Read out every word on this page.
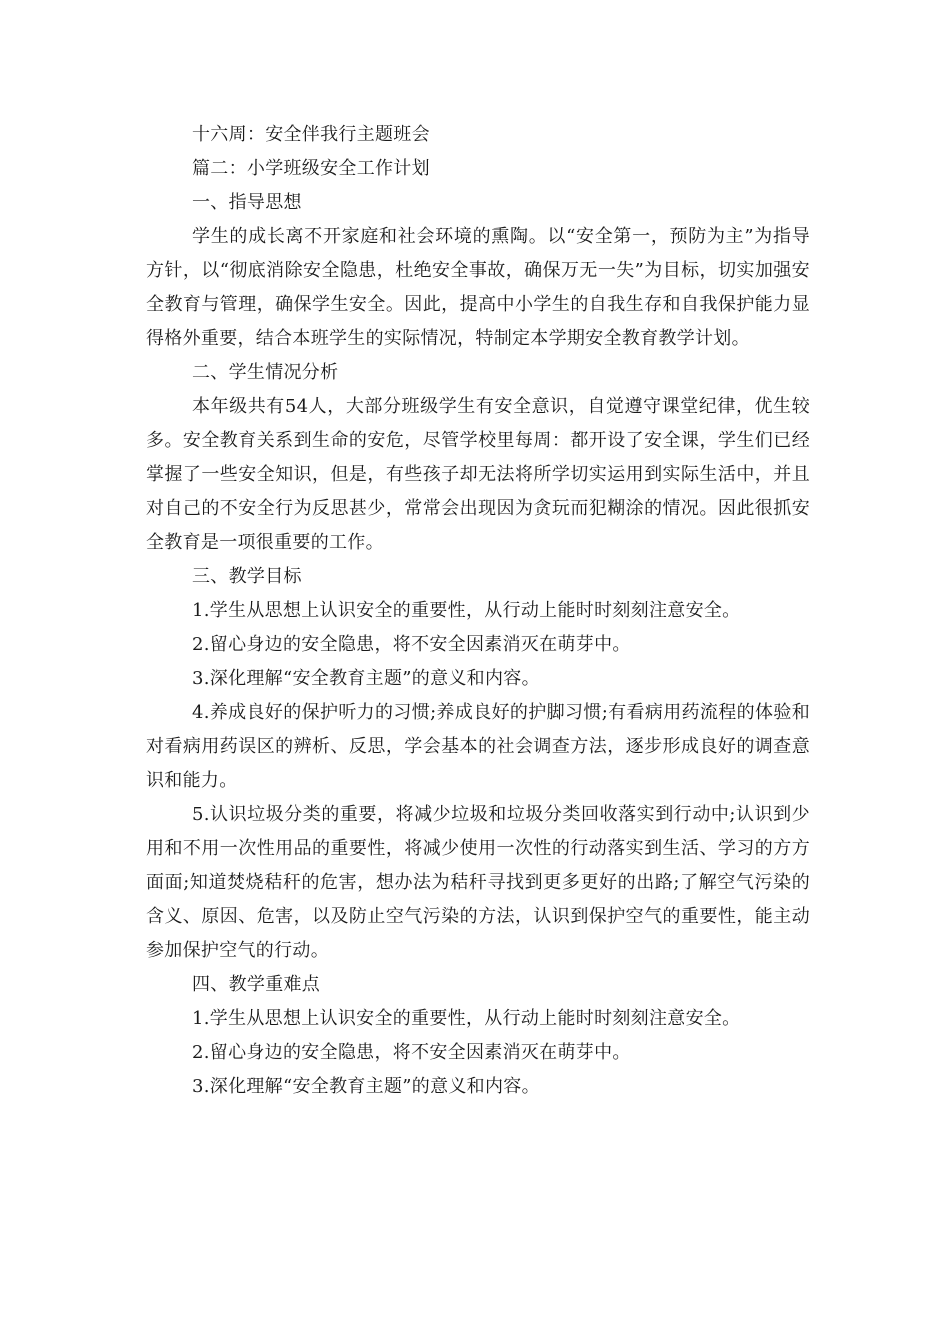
十六周：安全伴我行主题班会

篇二：小学班级安全工作计划

一、指导思想

学生的成长离不开家庭和社会环境的熏陶。以“安全第一，预防为主”为指导方针，以“彻底消除安全隐患，杜绝安全事故，确保万无一失”为目标，切实加强安全教育与管理，确保学生安全。因此，提高中小学生的自我生存和自我保护能力显得格外重要，结合本班学生的实际情况，特制定本学期安全教育教学计划。

二、学生情况分析

本年级共有54人，大部分班级学生有安全意识，自觉遵守课堂纪律，优生较多。安全教育关系到生命的安危，尽管学校里每周：都开设了安全课，学生们已经掌握了一些安全知识，但是，有些孩子却无法将所学切实运用到实际生活中，并且对自己的不安全行为反思甚少，常常会出现因为贪玩而犯糊涂的情况。因此很抓安全教育是一项很重要的工作。

三、教学目标

1.学生从思想上认识安全的重要性，从行动上能时时刻刻注意安全。

2.留心身边的安全隐患，将不安全因素消灭在萌芽中。

3.深化理解“安全教育主题”的意义和内容。

4.养成良好的保护听力的习惯;养成良好的护脚习惯;有看病用药流程的体验和对看病用药误区的辨析、反思，学会基本的社会调查方法，逐步形成良好的调查意识和能力。

5.认识垃圾分类的重要，将减少垃圾和垃圾分类回收落实到行动中;认识到少用和不用一次性用品的重要性，将减少使用一次性的行动落实到生活、学习的方方面面;知道焚烧秸秆的危害，想办法为秸秆寻找到更多更好的出路;了解空气污染的含义、原因、危害，以及防止空气污染的方法，认识到保护空气的重要性，能主动参加保护空气的行动。

四、教学重难点

1.学生从思想上认识安全的重要性，从行动上能时时刻刻注意安全。

2.留心身边的安全隐患，将不安全因素消灭在萌芽中。

3.深化理解“安全教育主题”的意义和内容。
